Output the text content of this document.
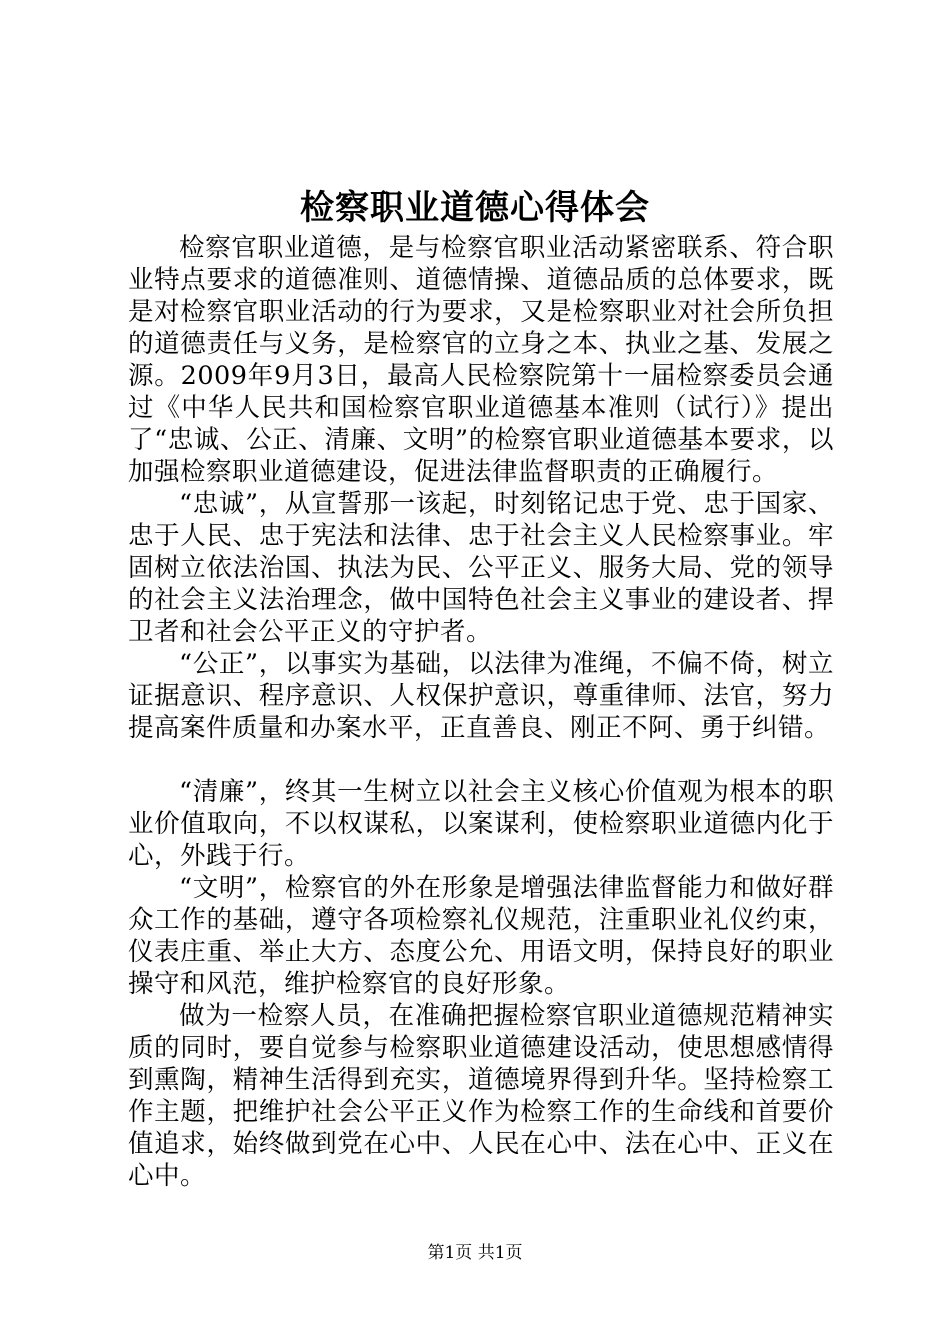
检察职业道德心得体会

检察官职业道德，是与检察官职业活动紧密联系、符合职业特点要求的道德准则、道德情操、道德品质的总体要求，既是对检察官职业活动的行为要求，又是检察职业对社会所负担的道德责任与义务，是检察官的立身之本、执业之基、发展之源。2009年9月3日，最高人民检察院第十一届检察委员会通过《中华人民共和国检察官职业道德基本准则（试行）》提出了“忠诚、公正、清廉、文明”的检察官职业道德基本要求，以加强检察职业道德建设，促进法律监督职责的正确履行。

“忠诚”，从宣誓那一该起，时刻铭记忠于党、忠于国家、忠于人民、忠于宪法和法律、忠于社会主义人民检察事业。牢固树立依法治国、执法为民、公平正义、服务大局、党的领导的社会主义法治理念，做中国特色社会主义事业的建设者、捍卫者和社会公平正义的守护者。

“公正”，以事实为基础，以法律为准绳，不偏不倚，树立证据意识、程序意识、人权保护意识，尊重律师、法官，努力提高案件质量和办案水平，正直善良、刚正不阿、勇于纠错。

“清廉”，终其一生树立以社会主义核心价值观为根本的职业价值取向，不以权谋私，以案谋利，使检察职业道德内化于心，外践于行。

“文明”，检察官的外在形象是增强法律监督能力和做好群众工作的基础，遵守各项检察礼仪规范，注重职业礼仪约束，仪表庄重、举止大方、态度公允、用语文明，保持良好的职业操守和风范，维护检察官的良好形象。

做为一检察人员，在准确把握检察官职业道德规范精神实质的同时，要自觉参与检察职业道德建设活动，使思想感情得到熏陶，精神生活得到充实，道德境界得到升华。坚持检察工作主题，把维护社会公平正义作为检察工作的生命线和首要价值追求，始终做到党在心中、人民在心中、法在心中、正义在心中。

第1页 共1页
